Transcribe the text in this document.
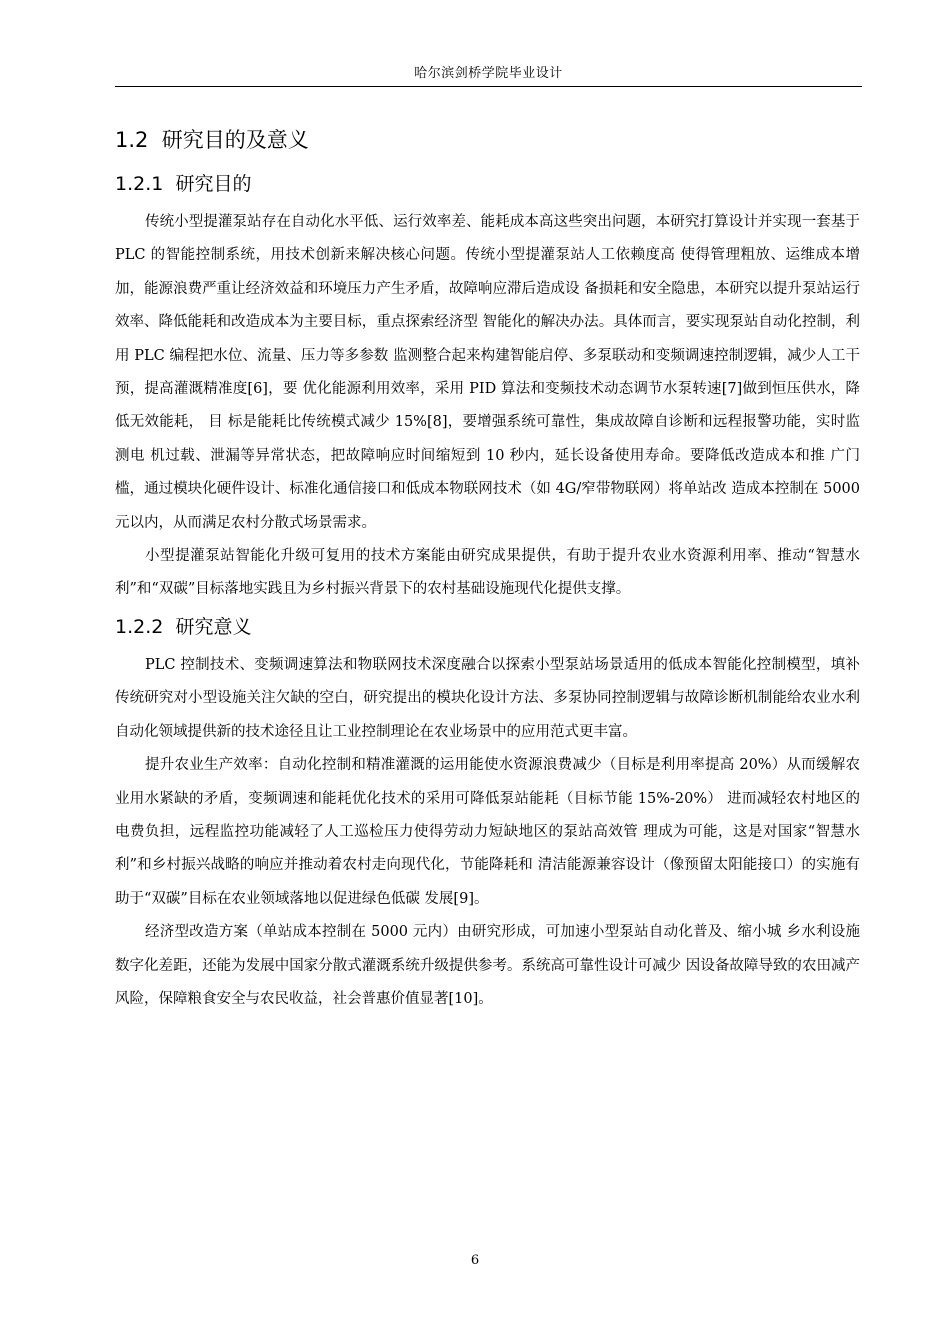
哈尔滨剑桥学院毕业设计
1.2 研究目的及意义
1.2.1 研究目的

传统小型提灌泵站存在自动化水平低、运行效率差、能耗成本高这些突出问题，本研究打算设计并实现一套基于 PLC 的智能控制系统，用技术创新来解决核心问题。传统小型提灌泵站人工依赖度高 使得管理粗放、运维成本增加，能源浪费严重让经济效益和环境压力产生矛盾，故障响应滞后造成设 备损耗和安全隐患，本研究以提升泵站运行效率、降低能耗和改造成本为主要目标，重点探索经济型 智能化的解决办法。具体而言，要实现泵站自动化控制，利用 PLC 编程把水位、流量、压力等多参数 监测整合起来构建智能启停、多泵联动和变频调速控制逻辑，减少人工干预，提高灌溉精准度[6]，要 优化能源利用效率，采用 PID 算法和变频技术动态调节水泵转速[7]做到恒压供水，降低无效能耗， 目 标是能耗比传统模式减少 15%[8]，要增强系统可靠性，集成故障自诊断和远程报警功能，实时监测电 机过载、泄漏等异常状态，把故障响应时间缩短到 10 秒内，延长设备使用寿命。要降低改造成本和推 广门槛，通过模块化硬件设计、标准化通信接口和低成本物联网技术（如 4G/窄带物联网）将单站改 造成本控制在 5000 元以内，从而满足农村分散式场景需求。

小型提灌泵站智能化升级可复用的技术方案能由研究成果提供，有助于提升农业水资源利用率、推动“智慧水利”和“双碳”目标落地实践且为乡村振兴背景下的农村基础设施现代化提供支撑。

1.2.2 研究意义

PLC 控制技术、变频调速算法和物联网技术深度融合以探索小型泵站场景适用的低成本智能化控制模型，填补传统研究对小型设施关注欠缺的空白，研究提出的模块化设计方法、多泵协同控制逻辑与故障诊断机制能给农业水利自动化领域提供新的技术途径且让工业控制理论在农业场景中的应用范式更丰富。

提升农业生产效率：自动化控制和精准灌溉的运用能使水资源浪费减少（目标是利用率提高 20%）从而缓解农业用水紧缺的矛盾，变频调速和能耗优化技术的采用可降低泵站能耗（目标节能 15%-20%） 进而减轻农村地区的电费负担，远程监控功能减轻了人工巡检压力使得劳动力短缺地区的泵站高效管 理成为可能，这是对国家“智慧水利”和乡村振兴战略的响应并推动着农村走向现代化，节能降耗和 清洁能源兼容设计（像预留太阳能接口）的实施有助于“双碳”目标在农业领域落地以促进绿色低碳 发展[9]。

经济型改造方案（单站成本控制在 5000 元内）由研究形成，可加速小型泵站自动化普及、缩小城 乡水利设施数字化差距，还能为发展中国家分散式灌溉系统升级提供参考。系统高可靠性设计可减少 因设备故障导致的农田减产风险，保障粮食安全与农民收益，社会普惠价值显著[10]。

6
